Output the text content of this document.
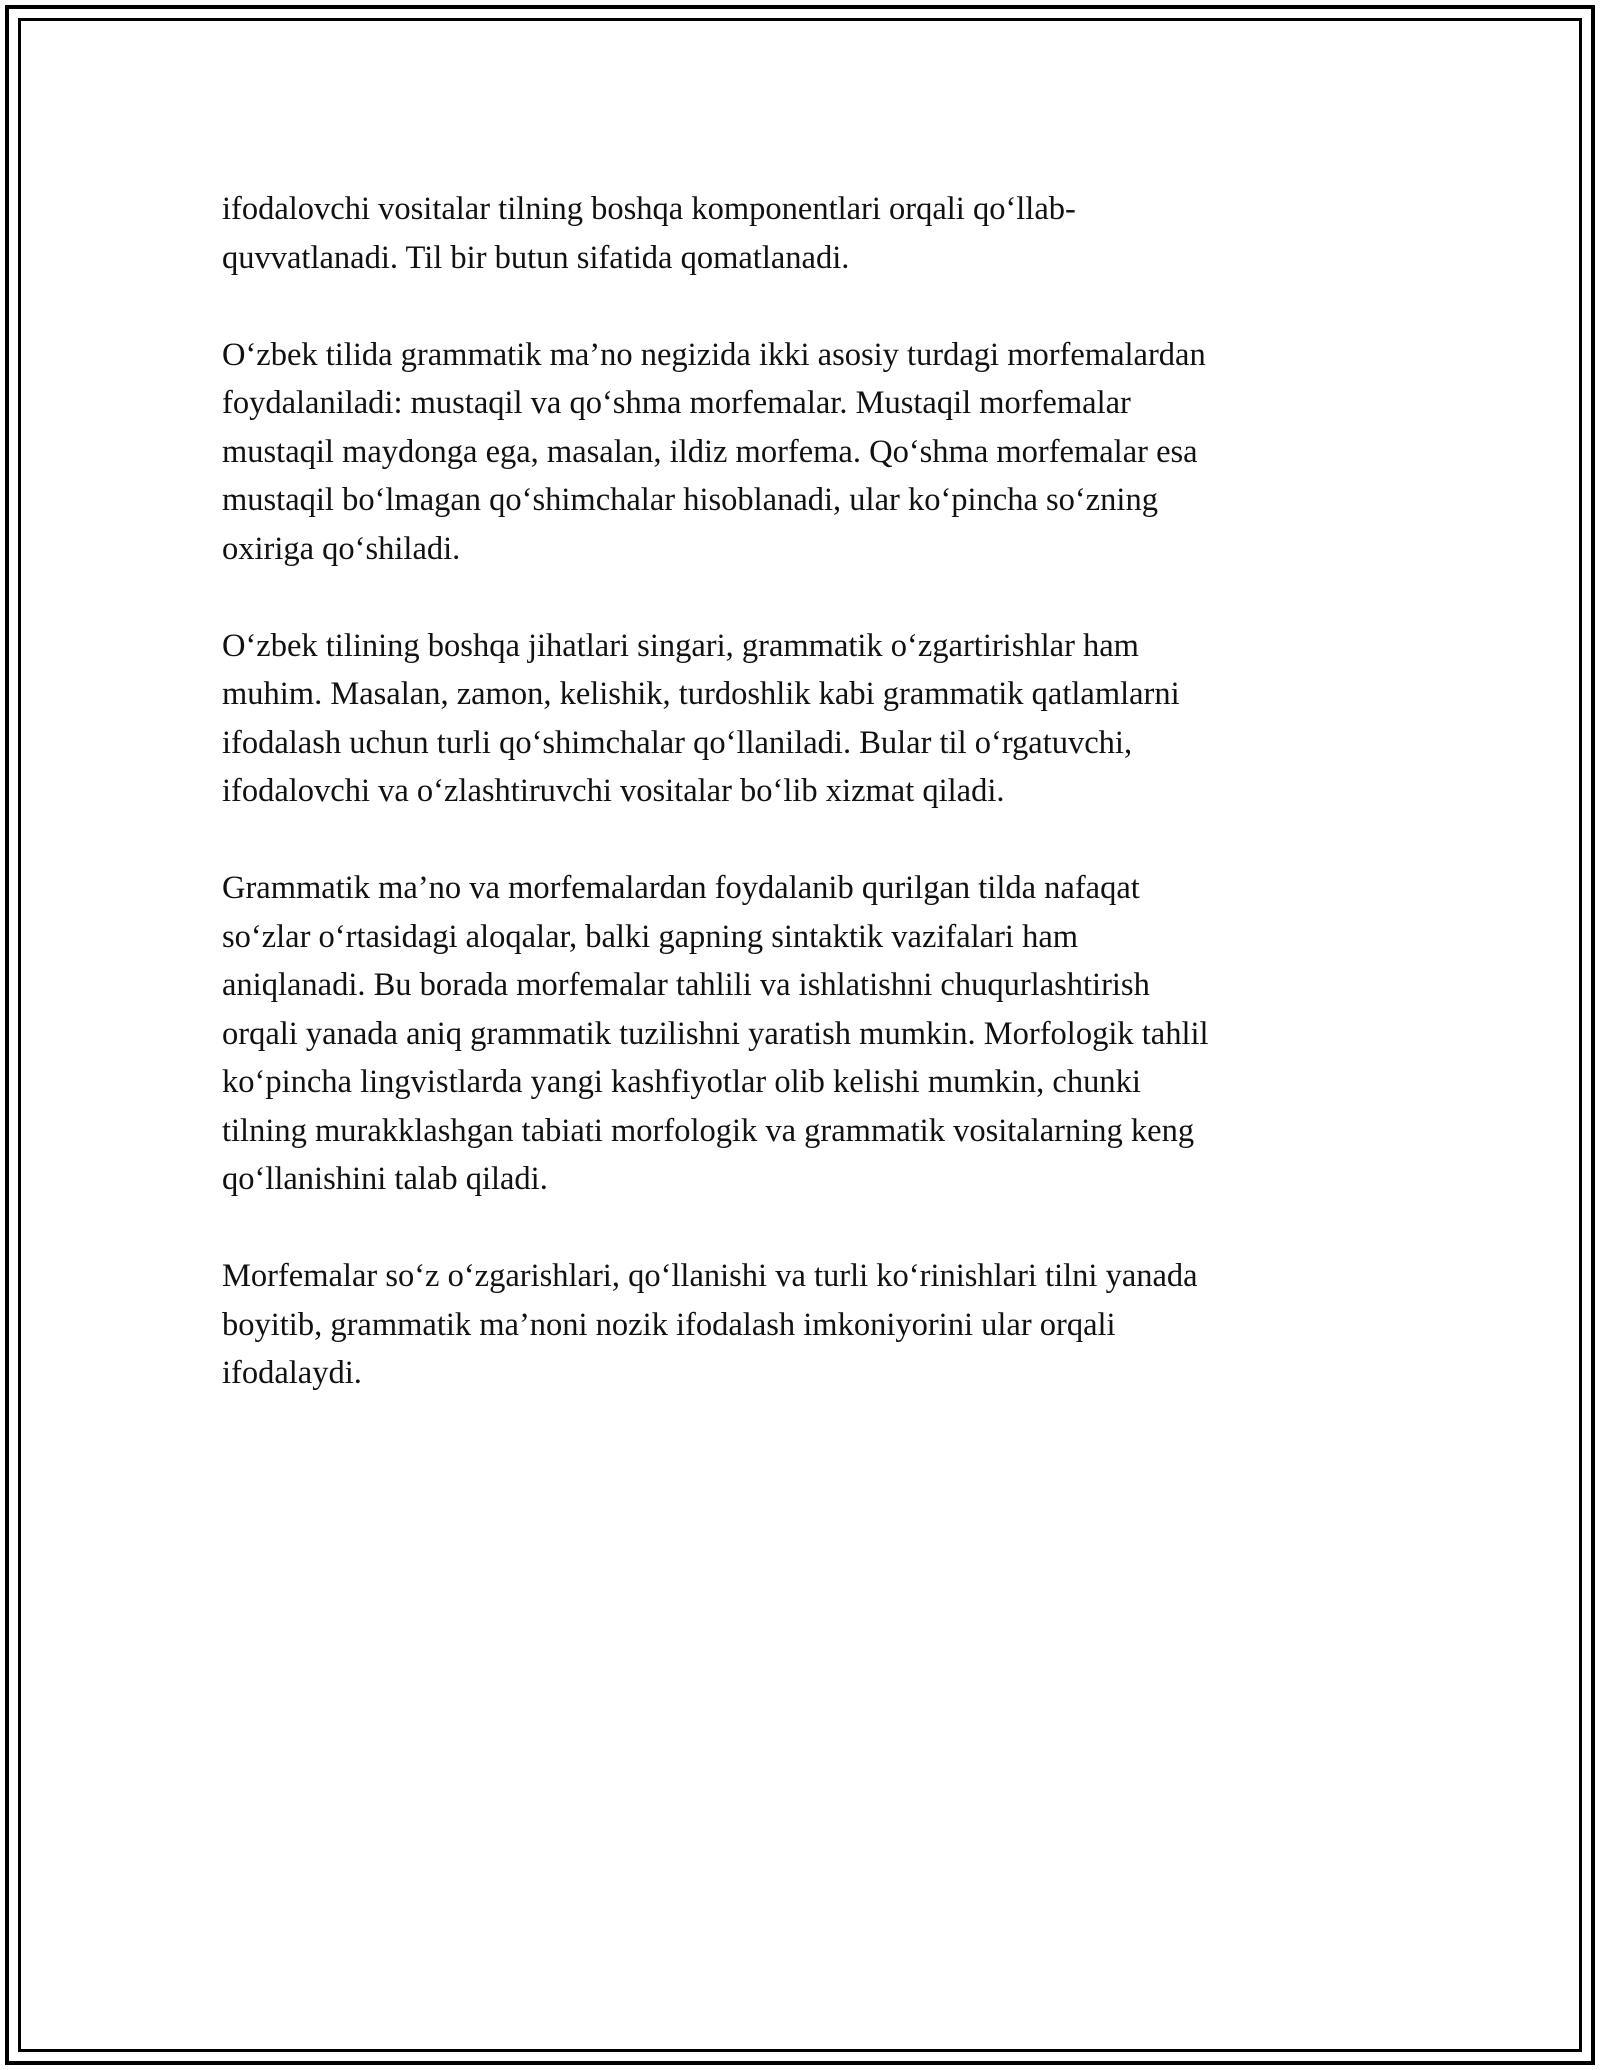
ifodalovchi vositalar tilning boshqa komponentlari orqali qo‘llab-
quvvatlanadi. Til bir butun sifatida qomatlanadi.

O‘zbek tilida grammatik ma’no negizida ikki asosiy turdagi morfemalardan
foydalaniladi: mustaqil va qo‘shma morfemalar. Mustaqil morfemalar
mustaqil maydonga ega, masalan, ildiz morfema. Qo‘shma morfemalar esa
mustaqil bo‘lmagan qo‘shimchalar hisoblanadi, ular ko‘pincha so‘zning
oxiriga qo‘shiladi.

O‘zbek tilining boshqa jihatlari singari, grammatik o‘zgartirishlar ham
muhim. Masalan, zamon, kelishik, turdoshlik kabi grammatik qatlamlarni
ifodalash uchun turli qo‘shimchalar qo‘llaniladi. Bular til o‘rgatuvchi,
ifodalovchi va o‘zlashtiruvchi vositalar bo‘lib xizmat qiladi.

Grammatik ma’no va morfemalardan foydalanib qurilgan tilda nafaqat
so‘zlar o‘rtasidagi aloqalar, balki gapning sintaktik vazifalari ham
aniqlanadi. Bu borada morfemalar tahlili va ishlatishni chuqurlashtirish
orqali yanada aniq grammatik tuzilishni yaratish mumkin. Morfologik tahlil
ko‘pincha lingvistlarda yangi kashfiyotlar olib kelishi mumkin, chunki
tilning murakklashgan tabiati morfologik va grammatik vositalarning keng
qo‘llanishini talab qiladi.

Morfemalar so‘z o‘zgarishlari, qo‘llanishi va turli ko‘rinishlari tilni yanada
boyitib, grammatik ma’noni nozik ifodalash imkoniyorini ular orqali
ifodalaydi.
